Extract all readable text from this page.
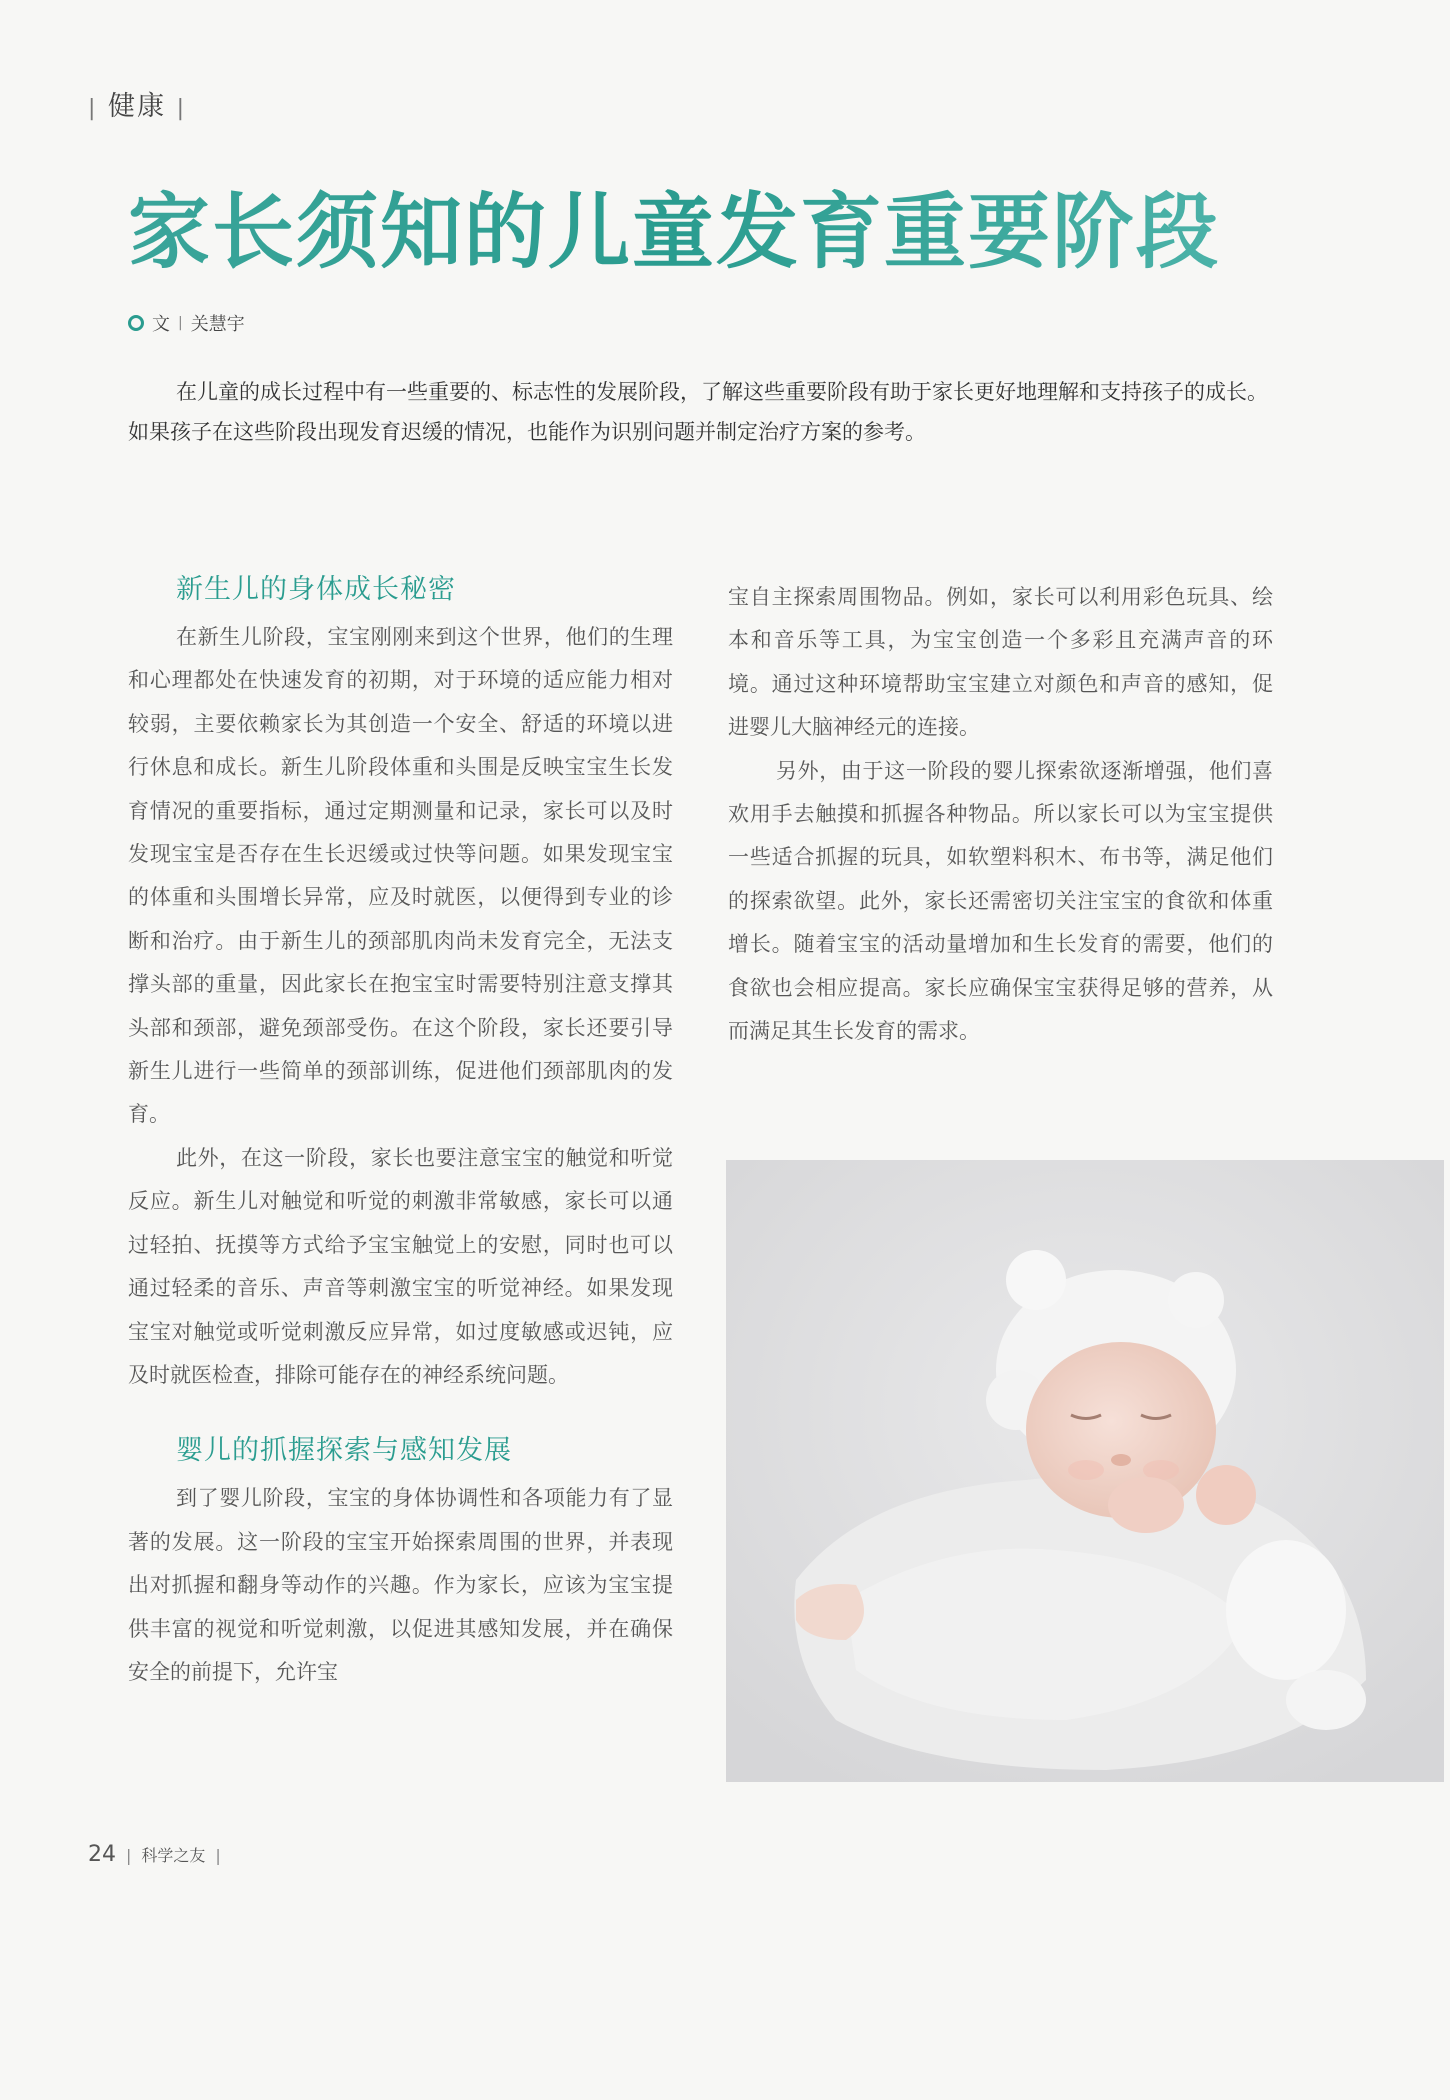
| 健康 |
家长须知的儿童发育重要阶段
文 | 关慧宇

在儿童的成长过程中有一些重要的、标志性的发展阶段，了解这些重要阶段有助于家长更好地理解和支持孩子的成长。如果孩子在这些阶段出现发育迟缓的情况，也能作为识别问题并制定治疗方案的参考。

新生儿的身体成长秘密

在新生儿阶段，宝宝刚刚来到这个世界，他们的生理和心理都处在快速发育的初期，对于环境的适应能力相对较弱，主要依赖家长为其创造一个安全、舒适的环境以进行休息和成长。新生儿阶段体重和头围是反映宝宝生长发育情况的重要指标，通过定期测量和记录，家长可以及时发现宝宝是否存在生长迟缓或过快等问题。如果发现宝宝的体重和头围增长异常，应及时就医，以便得到专业的诊断和治疗。由于新生儿的颈部肌肉尚未发育完全，无法支撑头部的重量，因此家长在抱宝宝时需要特别注意支撑其头部和颈部，避免颈部受伤。在这个阶段，家长还要引导新生儿进行一些简单的颈部训练，促进他们颈部肌肉的发育。

此外，在这一阶段，家长也要注意宝宝的触觉和听觉反应。新生儿对触觉和听觉的刺激非常敏感，家长可以通过轻拍、抚摸等方式给予宝宝触觉上的安慰，同时也可以通过轻柔的音乐、声音等刺激宝宝的听觉神经。如果发现宝宝对触觉或听觉刺激反应异常，如过度敏感或迟钝，应及时就医检查，排除可能存在的神经系统问题。

婴儿的抓握探索与感知发展

到了婴儿阶段，宝宝的身体协调性和各项能力有了显著的发展。这一阶段的宝宝开始探索周围的世界，并表现出对抓握和翻身等动作的兴趣。作为家长，应该为宝宝提供丰富的视觉和听觉刺激，以促进其感知发展，并在确保安全的前提下，允许宝

宝自主探索周围物品。例如，家长可以利用彩色玩具、绘本和音乐等工具，为宝宝创造一个多彩且充满声音的环境。通过这种环境帮助宝宝建立对颜色和声音的感知，促进婴儿大脑神经元的连接。

另外，由于这一阶段的婴儿探索欲逐渐增强，他们喜欢用手去触摸和抓握各种物品。所以家长可以为宝宝提供一些适合抓握的玩具，如软塑料积木、布书等，满足他们的探索欲望。此外，家长还需密切关注宝宝的食欲和体重增长。随着宝宝的活动量增加和生长发育的需要，他们的食欲也会相应提高。家长应确保宝宝获得足够的营养，从而满足其生长发育的需求。

24 | 科学之友 |
